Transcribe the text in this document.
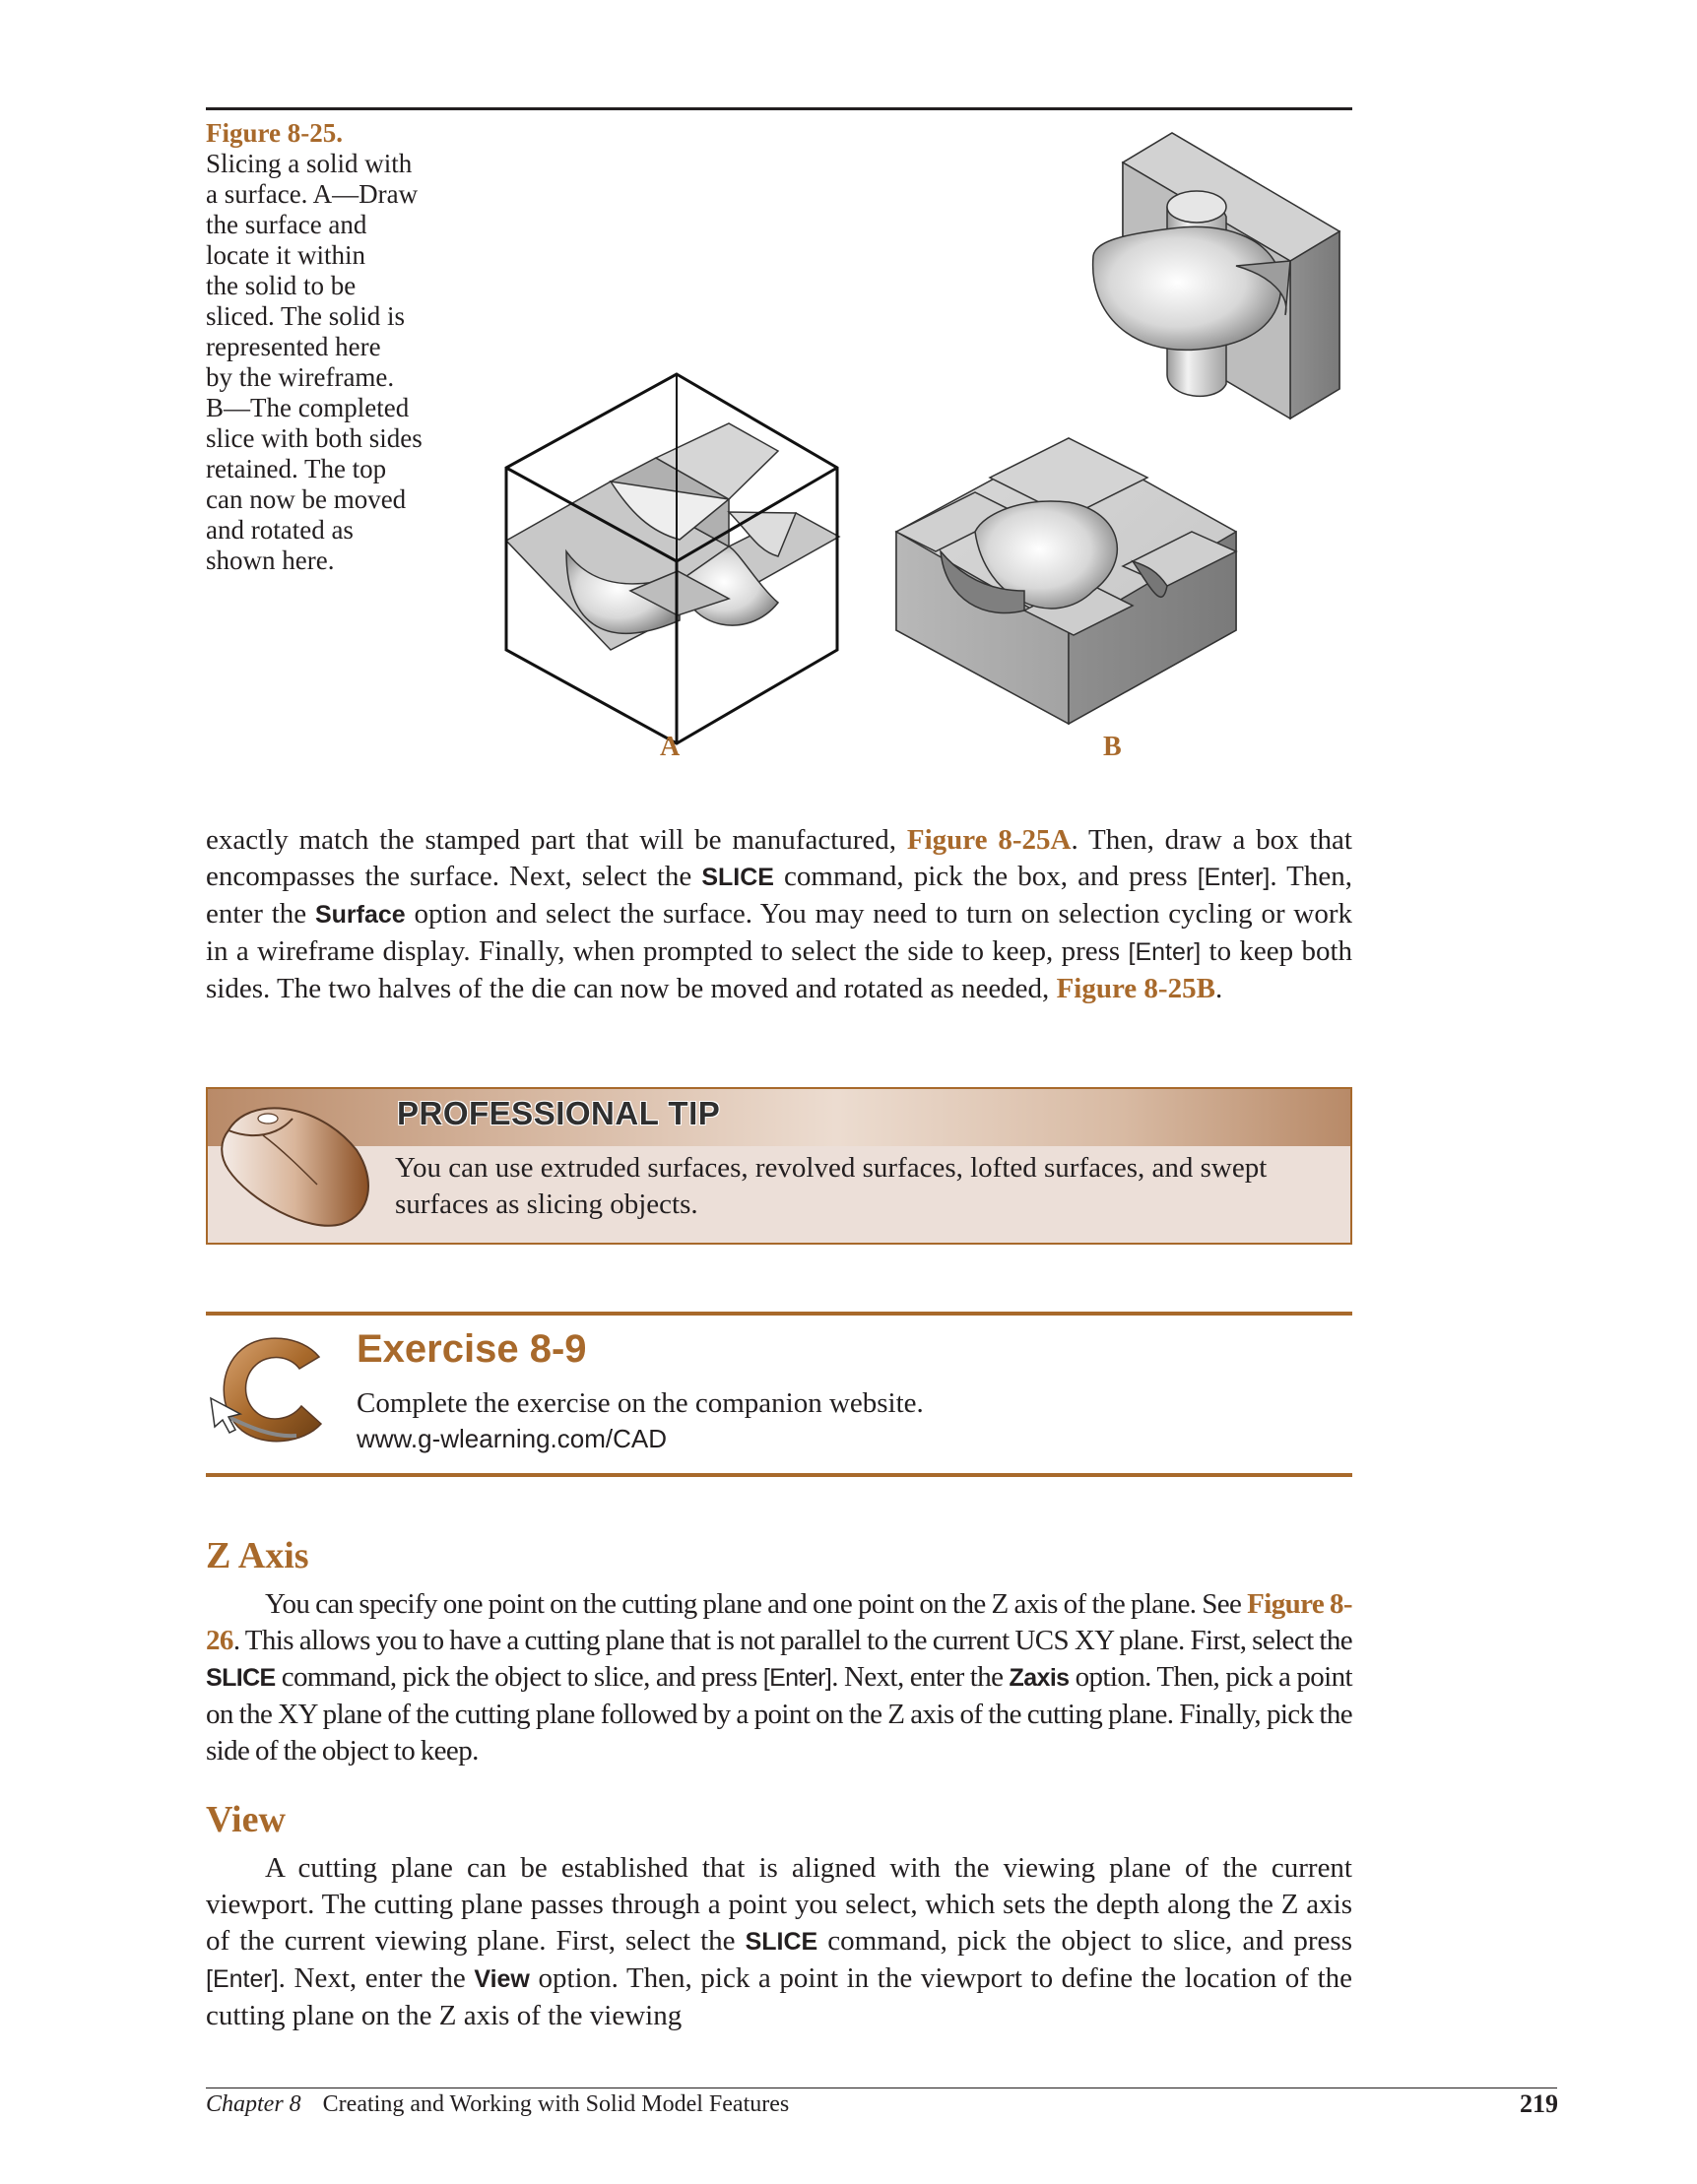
Figure 8-25.
Slicing a solid with
a surface. A—Draw
the surface and
locate it within
the solid to be
sliced. The solid is
represented here
by the wireframe.
B—The completed
slice with both sides
retained. The top
can now be moved
and rotated as
shown here.
A	B
exactly match the stamped part that will be manufactured, Figure 8-25A. Then, draw a box that encompasses the surface. Next, select the SLICE command, pick the box, and press [Enter]. Then, enter the Surface option and select the surface. You may need to turn on selection cycling or work in a wireframe display. Finally, when prompted to select the side to keep, press [Enter] to keep both sides. The two halves of the die can now be moved and rotated as needed, Figure 8-25B.
PROFESSIONAL TIP
You can use extruded surfaces, revolved surfaces, lofted surfaces, and swept surfaces as slicing objects.
Exercise 8-9
Complete the exercise on the companion website.
www.g-wlearning.com/CAD
Z Axis
You can specify one point on the cutting plane and one point on the Z axis of the plane. See Figure 8-26. This allows you to have a cutting plane that is not parallel to the current UCS XY plane. First, select the SLICE command, pick the object to slice, and press [Enter]. Next, enter the Zaxis option. Then, pick a point on the XY plane of the cutting plane followed by a point on the Z axis of the cutting plane. Finally, pick the side of the object to keep.
View
A cutting plane can be established that is aligned with the viewing plane of the current viewport. The cutting plane passes through a point you select, which sets the depth along the Z axis of the current viewing plane. First, select the SLICE command, pick the object to slice, and press [Enter]. Next, enter the View option. Then, pick a point in the viewport to define the location of the cutting plane on the Z axis of the viewing
Chapter 8 Creating and Working with Solid Model Features	219
